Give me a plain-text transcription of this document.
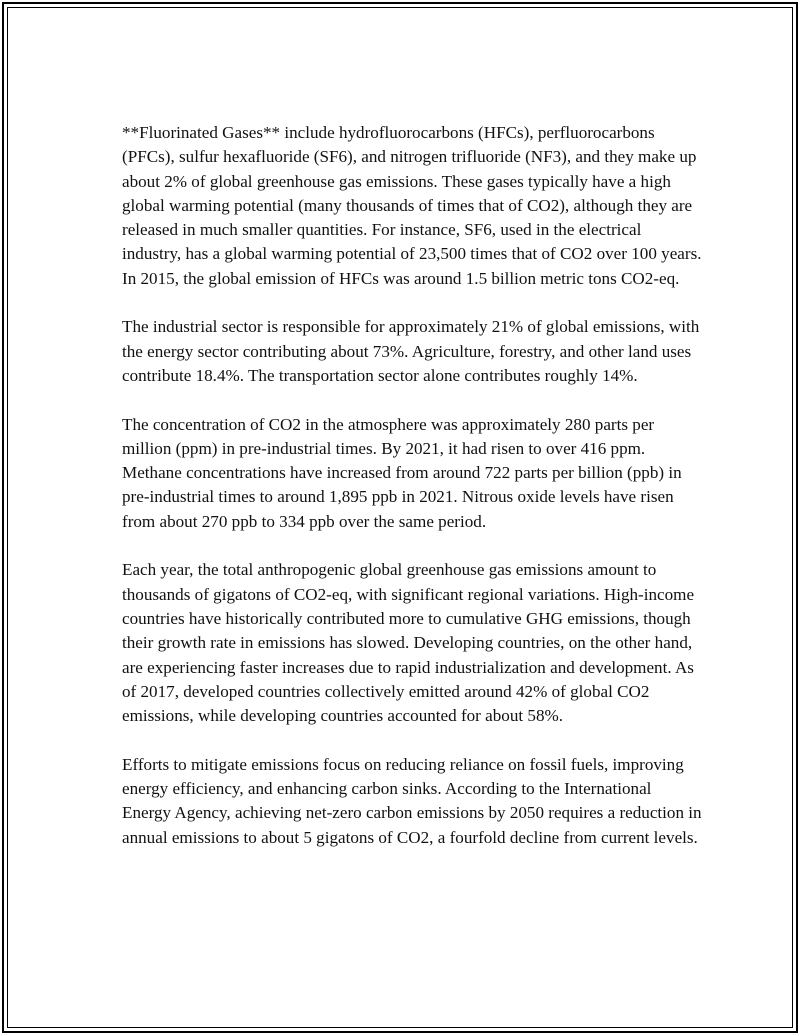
**Fluorinated Gases** include hydrofluorocarbons (HFCs), perfluorocarbons (PFCs), sulfur hexafluoride (SF6), and nitrogen trifluoride (NF3), and they make up about 2% of global greenhouse gas emissions. These gases typically have a high global warming potential (many thousands of times that of CO2), although they are released in much smaller quantities. For instance, SF6, used in the electrical industry, has a global warming potential of 23,500 times that of CO2 over 100 years. In 2015, the global emission of HFCs was around 1.5 billion metric tons CO2-eq.

The industrial sector is responsible for approximately 21% of global emissions, with the energy sector contributing about 73%. Agriculture, forestry, and other land uses contribute 18.4%. The transportation sector alone contributes roughly 14%.

The concentration of CO2 in the atmosphere was approximately 280 parts per million (ppm) in pre-industrial times. By 2021, it had risen to over 416 ppm. Methane concentrations have increased from around 722 parts per billion (ppb) in pre-industrial times to around 1,895 ppb in 2021. Nitrous oxide levels have risen from about 270 ppb to 334 ppb over the same period.

Each year, the total anthropogenic global greenhouse gas emissions amount to thousands of gigatons of CO2-eq, with significant regional variations. High-income countries have historically contributed more to cumulative GHG emissions, though their growth rate in emissions has slowed. Developing countries, on the other hand, are experiencing faster increases due to rapid industrialization and development. As of 2017, developed countries collectively emitted around 42% of global CO2 emissions, while developing countries accounted for about 58%.

Efforts to mitigate emissions focus on reducing reliance on fossil fuels, improving energy efficiency, and enhancing carbon sinks. According to the International Energy Agency, achieving net-zero carbon emissions by 2050 requires a reduction in annual emissions to about 5 gigatons of CO2, a fourfold decline from current levels.
